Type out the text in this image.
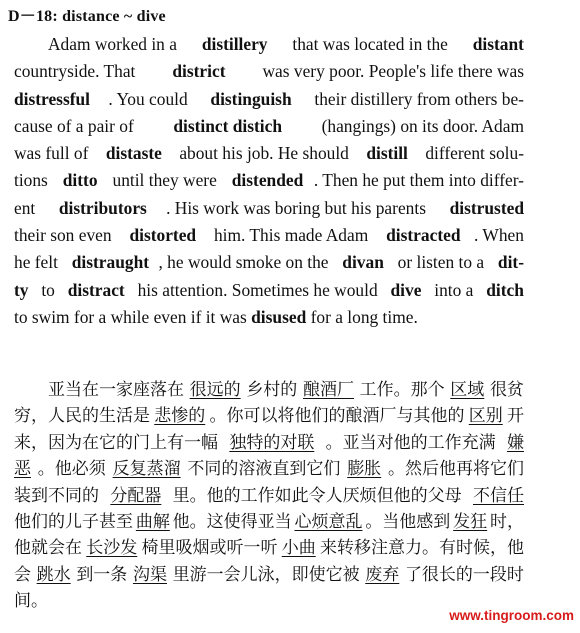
D－18: distance ~ dive
Adam worked in a distillery that was located in the distant
countryside. That district was very poor. People's life there was
distressful . You could distinguish their distillery from others be-
cause of a pair of distinct distich (hangings) on its door. Adam
was full of distaste about his job. He should distill different solu-
tions ditto until they were distended . Then he put them into differ-
ent distributors . His work was boring but his parents distrusted
their son even distorted him. This made Adam distracted . When
he felt distraught , he would smoke on the divan or listen to a dit-
ty to distract his attention. Sometimes he would dive into a ditch
to swim for a while even if it was disused for a long time.
亚当在一家座落在 很远的 乡村的 酿酒厂 工作。那个 区域 很贫
穷，人民的生活是 悲惨的 。你可以将他们的酿酒厂与其他的 区别 开
来，因为在它的门上有一幅 独特的对联 。亚当对他的工作充满 嫌
恶 。他必须 反复蒸溜 不同的溶液直到它们 膨胀 。然后他再将它们
装到不同的 分配器 里。他的工作如此令人厌烦但他的父母 不信任
他们的儿子甚至 曲解 他。这使得亚当 心烦意乱 。当他感到 发狂 时，
他就会在 长沙发 椅里吸烟或听一听 小曲 来转移注意力。有时候，他
会 跳水 到一条 沟渠 里游一会儿泳，即使它被 废弃 了很长的一段时
间。
www.tingroom.com
